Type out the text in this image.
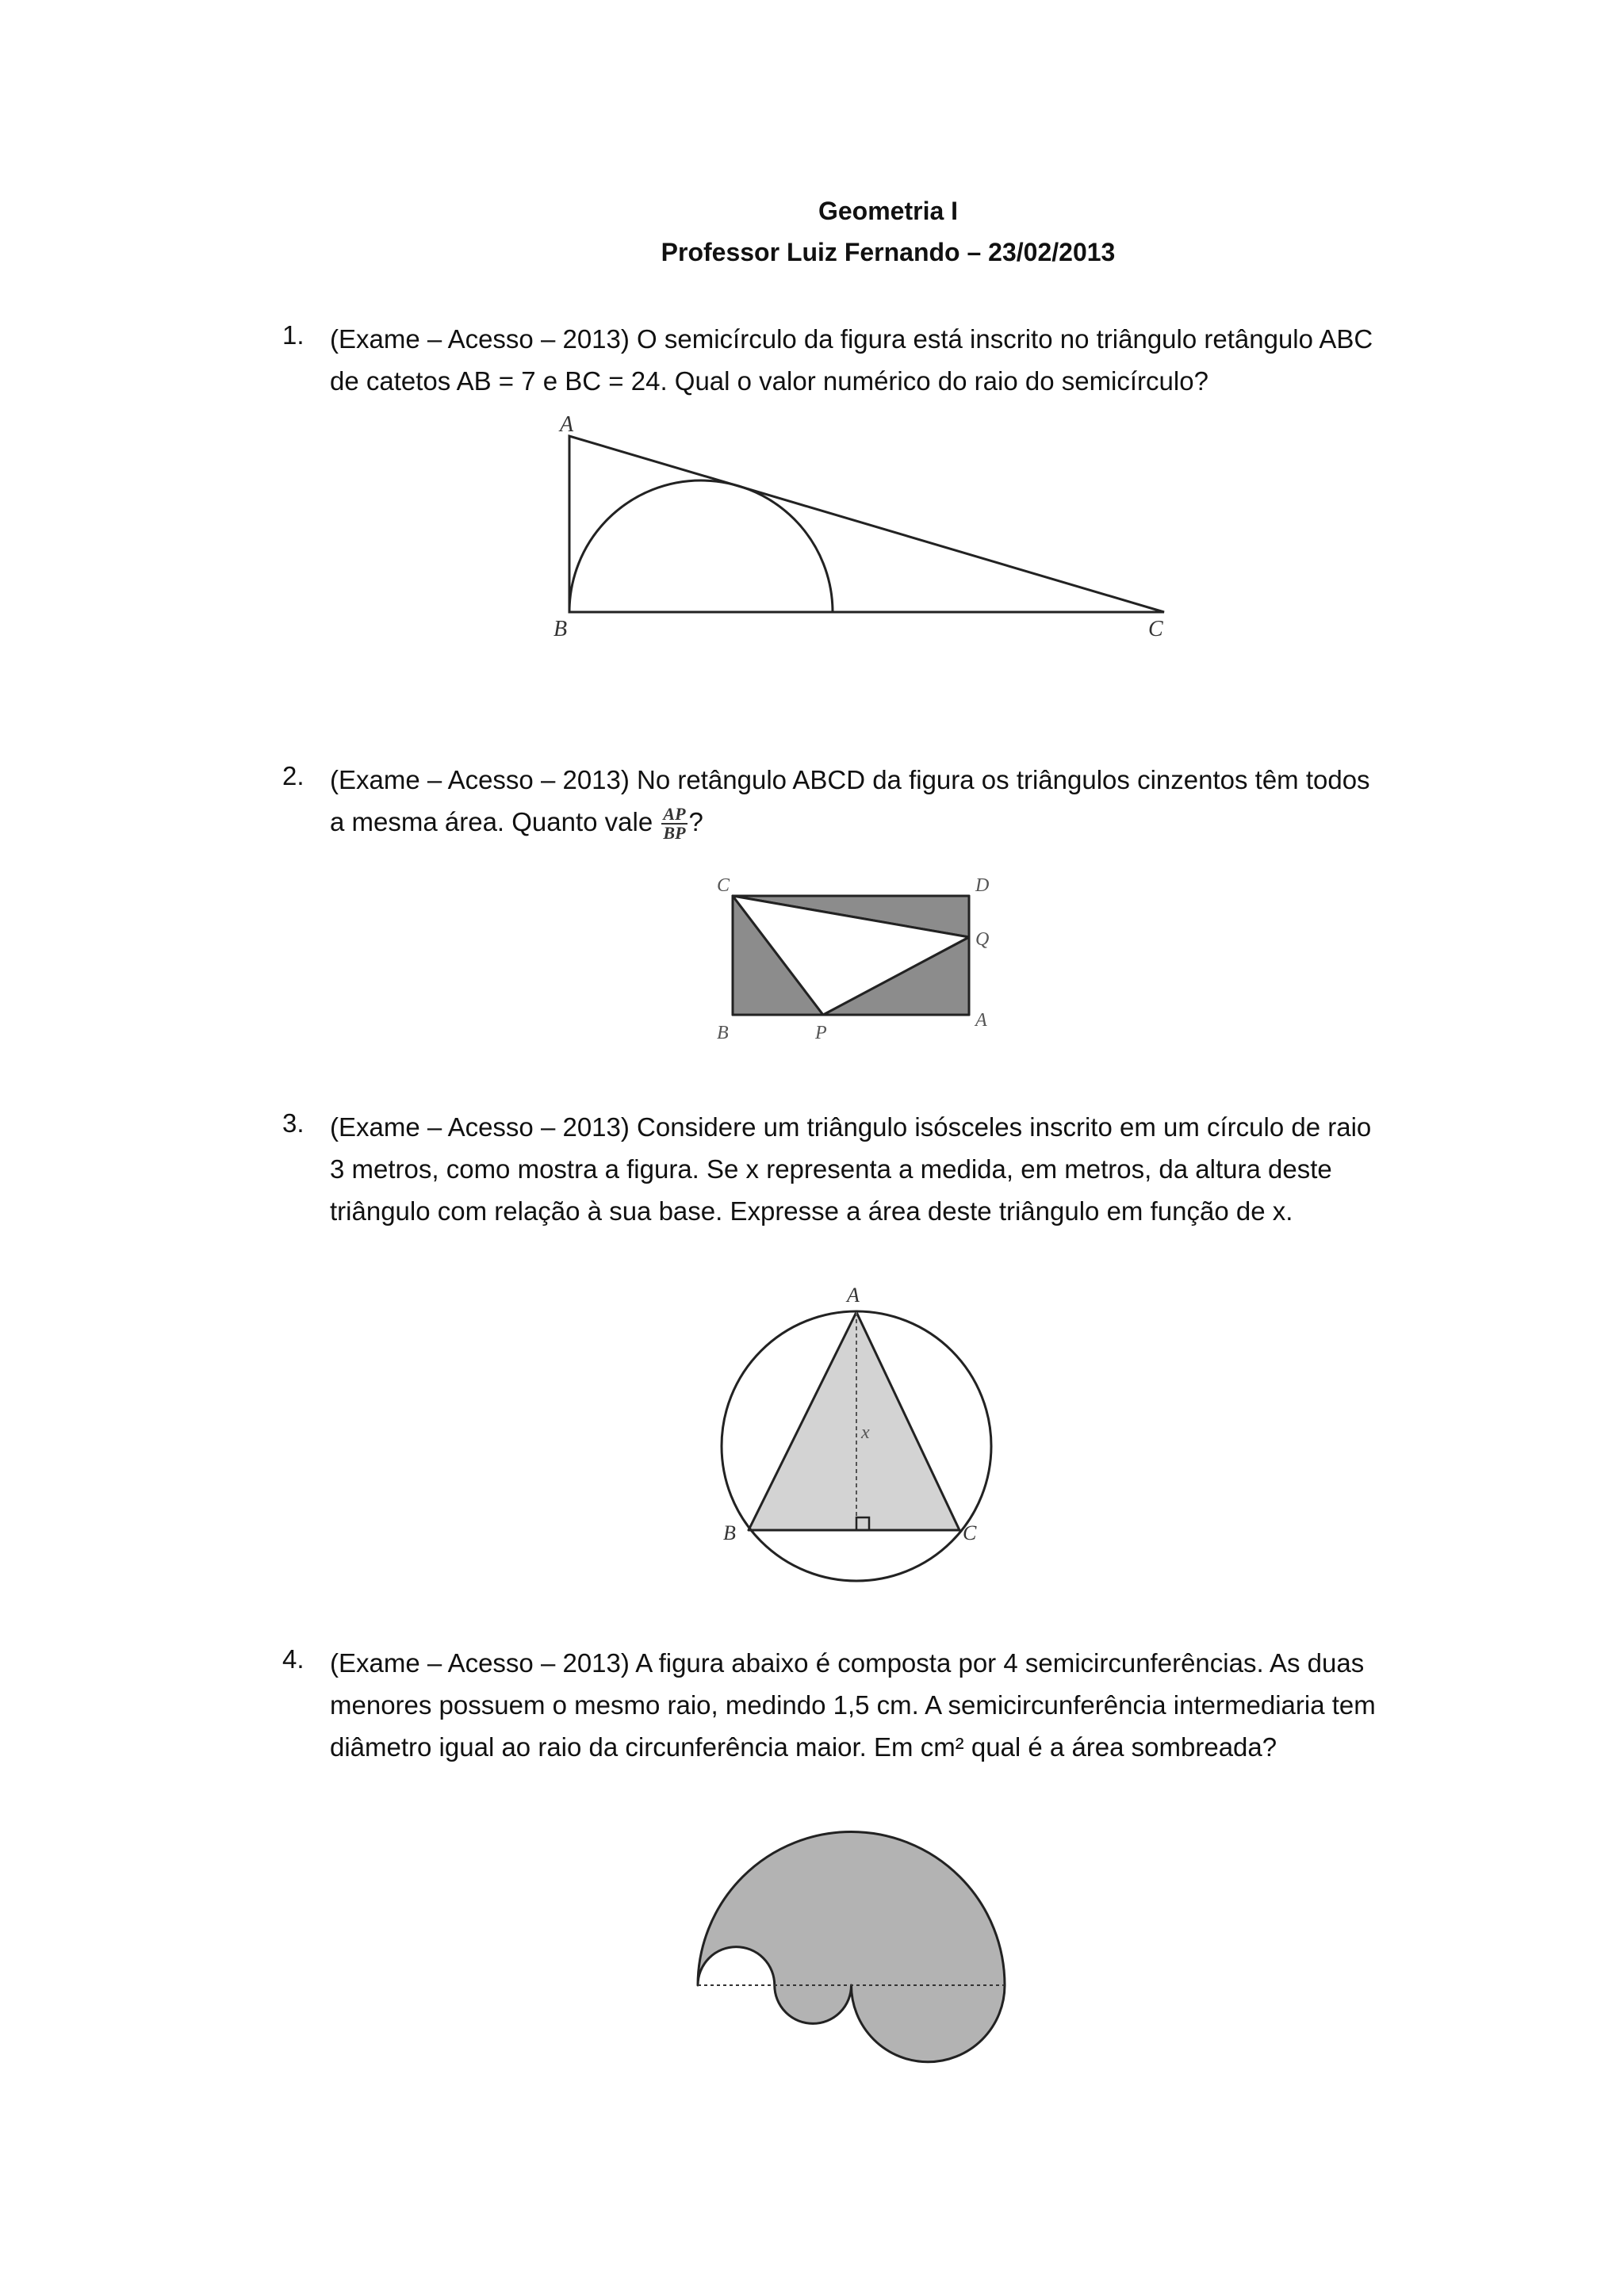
Geometria I
Professor Luiz Fernando – 23/02/2013
1. (Exame – Acesso – 2013) O semicírculo da figura está inscrito no triângulo retângulo ABC de catetos AB = 7 e BC = 24. Qual o valor numérico do raio do semicírculo?

A
B	C
2. (Exame – Acesso – 2013) No retângulo ABCD da figura os triângulos cinzentos têm todos a mesma área. Quanto vale $\frac{AP}{BP}$ ?

C	D
Q
B	P
A
3. (Exame – Acesso – 2013) Considere um triângulo isósceles inscrito em um círculo de raio 3 metros, como mostra a figura. Se x representa a medida, em metros, da altura deste triângulo com relação à sua base. Expresse a área deste triângulo em função de x.

A
x
B	C
4. (Exame – Acesso – 2013) A figura abaixo é composta por 4 semicircunferências. As duas menores possuem o mesmo raio, medindo 1,5 cm. A semicircunferência intermediaria tem diâmetro igual ao raio da circunferência maior. Em cm² qual é a área sombreada?
